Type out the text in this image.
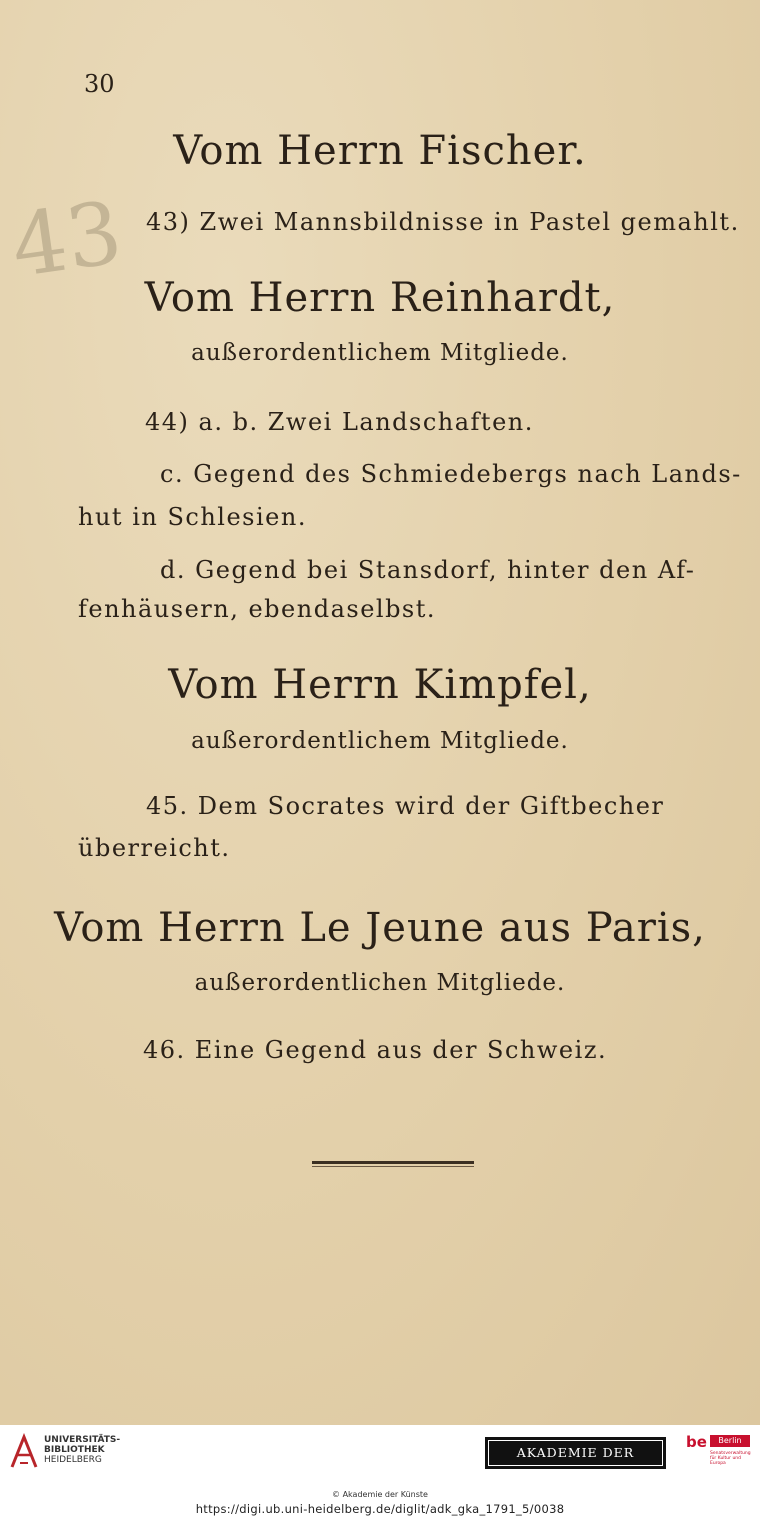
30
43
Vom Herrn Fischer.
43) Zwei Mannsbildnisse in Pastel gemahlt.
Vom Herrn Reinhardt,
außerordentlichem Mitgliede.
44) a. b. Zwei Landschaften.
c. Gegend des Schmiedebergs nach Lands-
hut in Schlesien.
d. Gegend bei Stansdorf, hinter den Af-
fenhäusern, ebendaselbst.
Vom Herrn Kimpfel,
außerordentlichem Mitgliede.
45. Dem Socrates wird der Giftbecher
überreicht.
Vom Herrn Le Jeune aus Paris,
außerordentlichen Mitgliede.
46. Eine Gegend aus der Schweiz.
UNIVERSITÄTS-
BIBLIOTHEK
HEIDELBERG	AKADEMIE DER KÜNSTE
be	Berlin
Senatsverwaltung für Kultur und Europa
© Akademie der Künste
https://digi.ub.uni-heidelberg.de/diglit/adk_gka_1791_5/0038
